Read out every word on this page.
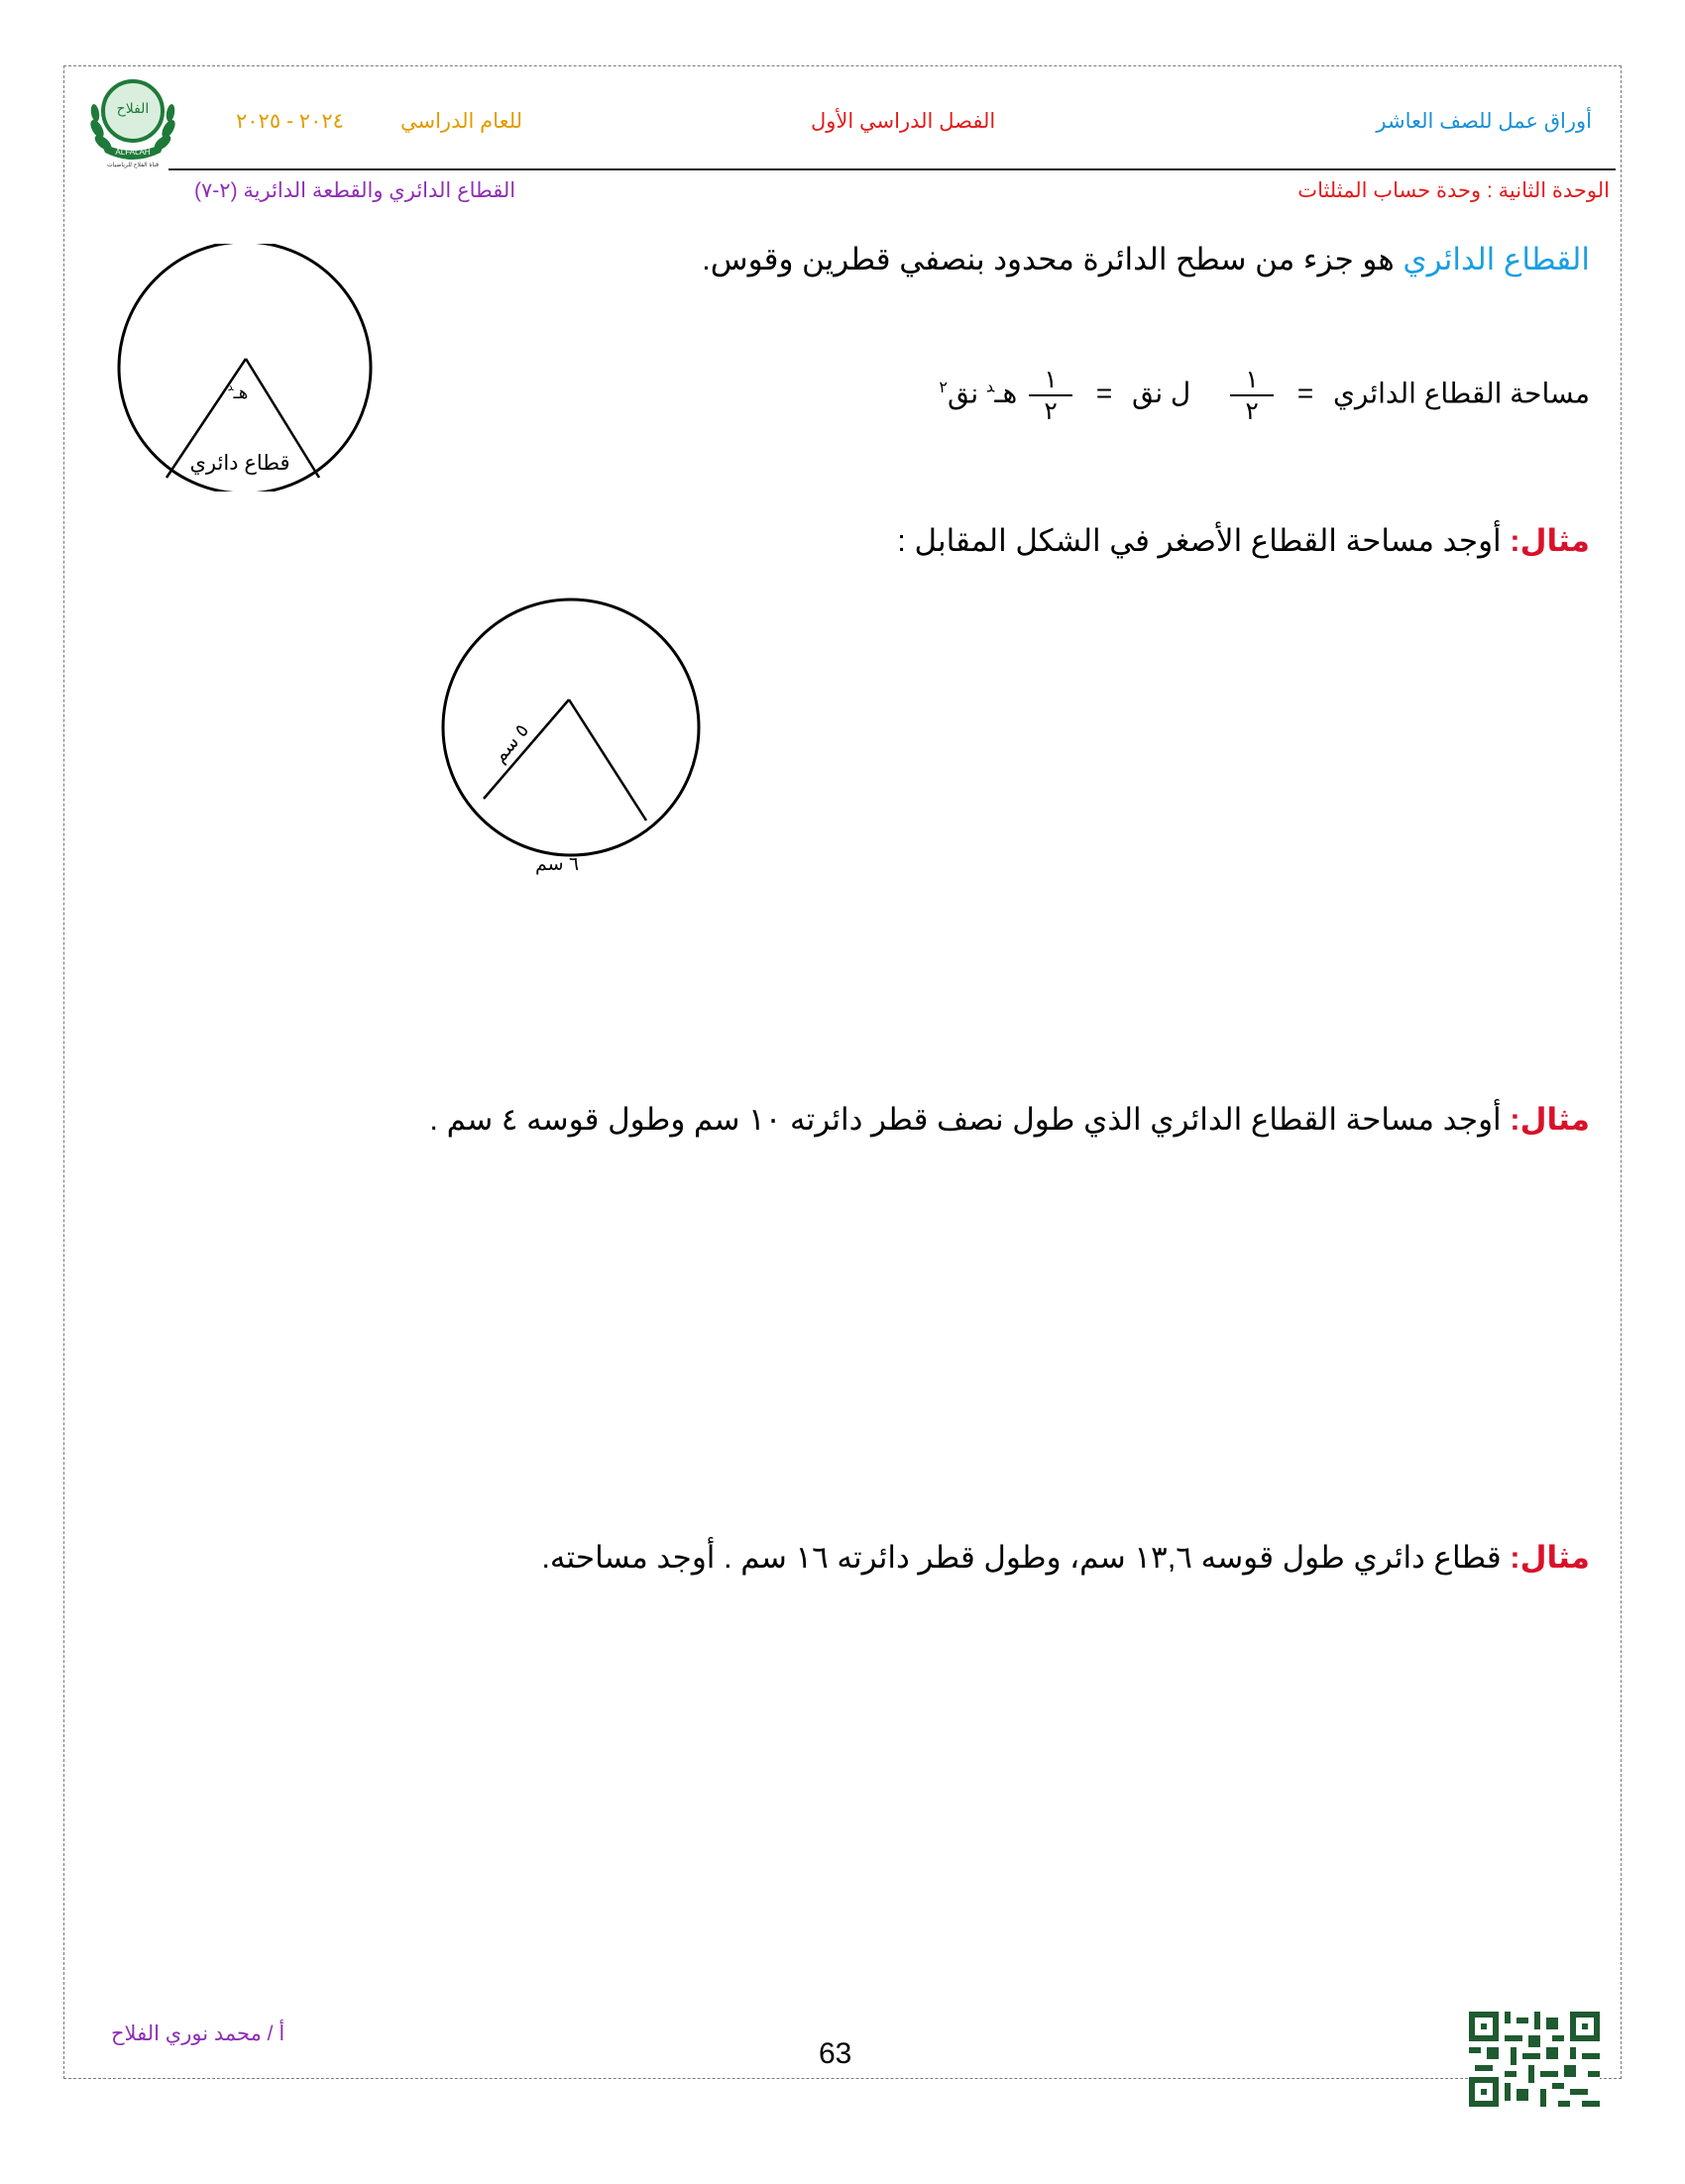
الفلاح
ALFALAH
قناة الفلاح للرياضيات
أوراق عمل للصف العاشر
الفصل الدراسي الأول
للعام الدراسي
٢٠٢٤ - ٢٠٢٥
الوحدة الثانية : وحدة حساب المثلثات
القطاع الدائري والقطعة الدائرية (٢-٧)
القطاع الدائري هو جزء من سطح الدائرة محدود بنصفي قطرين وقوس.
مساحة القطاع الدائري =
$\frac{١}{٢}$
ل نق =
$\frac{١}{٢}$
هـ$^د$ نق$^٢$
هـ$^د$
قطاع دائري
مثال: أوجد مساحة القطاع الأصغر في الشكل المقابل :
٥ سم
٦ سم
مثال: أوجد مساحة القطاع الدائري الذي طول نصف قطر دائرته ١٠ سم وطول قوسه ٤ سم .
مثال: قطاع دائري طول قوسه ١٣,٦ سم، وطول قطر دائرته ١٦ سم . أوجد مساحته.
أ / محمد نوري الفلاح
63
